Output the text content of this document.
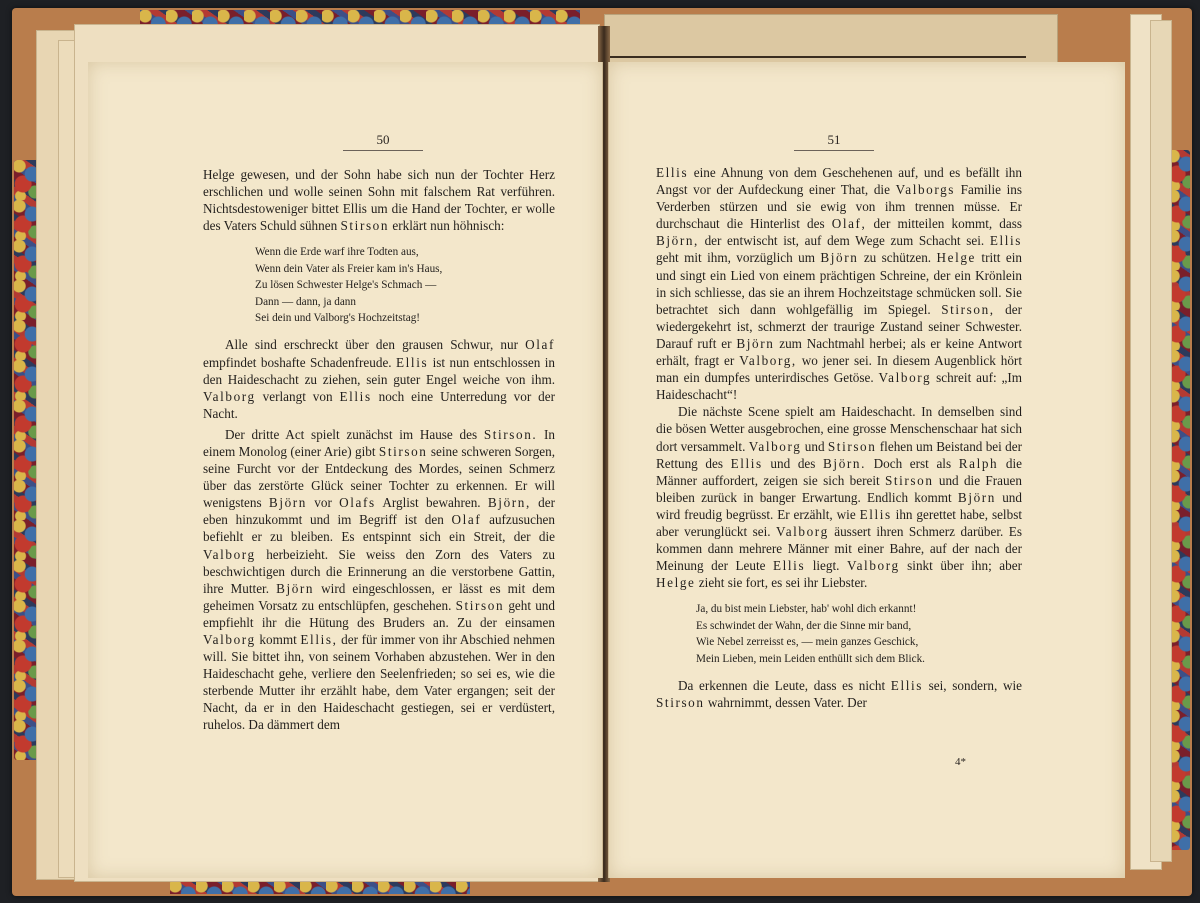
50

Helge gewesen, und der Sohn habe sich nun der Tochter Herz erschlichen und wolle seinen Sohn mit falschem Rat verführen. Nichtsdestoweniger bittet Ellis um die Hand der Tochter, er wolle des Vaters Schuld sühnen Stirson erklärt nun höhnisch:

Wenn die Erde warf ihre Todten aus,
Wenn dein Vater als Freier kam in's Haus,
Zu lösen Schwester Helge's Schmach —
Dann — dann, ja dann
Sei dein und Valborg's Hochzeitstag!

Alle sind erschreckt über den grausen Schwur, nur Olaf empfindet boshafte Schadenfreude. Ellis ist nun entschlossen in den Haideschacht zu ziehen, sein guter Engel weiche von ihm. Valborg verlangt von Ellis noch eine Unterredung vor der Nacht.

Der dritte Act spielt zunächst im Hause des Stirson. In einem Monolog (einer Arie) gibt Stirson seine schweren Sorgen, seine Furcht vor der Entdeckung des Mordes, seinen Schmerz über das zerstörte Glück seiner Tochter zu erkennen. Er will wenigstens Björn vor Olafs Arglist bewahren. Björn, der eben hinzukommt und im Begriff ist den Olaf aufzusuchen befiehlt er zu bleiben. Es entspinnt sich ein Streit, der die Valborg herbeizieht. Sie weiss den Zorn des Vaters zu beschwichtigen durch die Erinnerung an die verstorbene Gattin, ihre Mutter. Björn wird eingeschlossen, er lässt es mit dem geheimen Vorsatz zu entschlüpfen, geschehen. Stirson geht und empfiehlt ihr die Hütung des Bruders an. Zu der einsamen Valborg kommt Ellis, der für immer von ihr Abschied nehmen will. Sie bittet ihn, von seinem Vorhaben abzustehen. Wer in den Haideschacht gehe, verliere den Seelenfrieden; so sei es, wie die sterbende Mutter ihr erzählt habe, dem Vater ergangen; seit der Nacht, da er in den Haideschacht gestiegen, sei er verdüstert, ruhelos. Da dämmert dem

51

Ellis eine Ahnung von dem Geschehenen auf, und es befällt ihn Angst vor der Aufdeckung einer That, die Valborgs Familie ins Verderben stürzen und sie ewig von ihm trennen müsse. Er durchschaut die Hinterlist des Olaf, der mitteilen kommt, dass Björn, der entwischt ist, auf dem Wege zum Schacht sei. Ellis geht mit ihm, vorzüglich um Björn zu schützen. Helge tritt ein und singt ein Lied von einem prächtigen Schreine, der ein Krönlein in sich schliesse, das sie an ihrem Hochzeitstage schmücken soll. Sie betrachtet sich dann wohlgefällig im Spiegel. Stirson, der wiedergekehrt ist, schmerzt der traurige Zustand seiner Schwester. Darauf ruft er Björn zum Nachtmahl herbei; als er keine Antwort erhält, fragt er Valborg, wo jener sei. In diesem Augenblick hört man ein dumpfes unterirdisches Getöse. Valborg schreit auf: „Im Haideschacht“!

Die nächste Scene spielt am Haideschacht. In demselben sind die bösen Wetter ausgebrochen, eine grosse Menschenschaar hat sich dort versammelt. Valborg und Stirson flehen um Beistand bei der Rettung des Ellis und des Björn. Doch erst als Ralph die Männer auffordert, zeigen sie sich bereit Stirson und die Frauen bleiben zurück in banger Erwartung. Endlich kommt Björn und wird freudig begrüsst. Er erzählt, wie Ellis ihn gerettet habe, selbst aber verunglückt sei. Valborg äussert ihren Schmerz darüber. Es kommen dann mehrere Männer mit einer Bahre, auf der nach der Meinung der Leute Ellis liegt. Valborg sinkt über ihn; aber Helge zieht sie fort, es sei ihr Liebster.

Ja, du bist mein Liebster, hab' wohl dich erkannt!
Es schwindet der Wahn, der die Sinne mir band,
Wie Nebel zerreisst es, — mein ganzes Geschick,
Mein Lieben, mein Leiden enthüllt sich dem Blick.

Da erkennen die Leute, dass es nicht Ellis sei, sondern, wie Stirson wahrnimmt, dessen Vater. Der

4*
